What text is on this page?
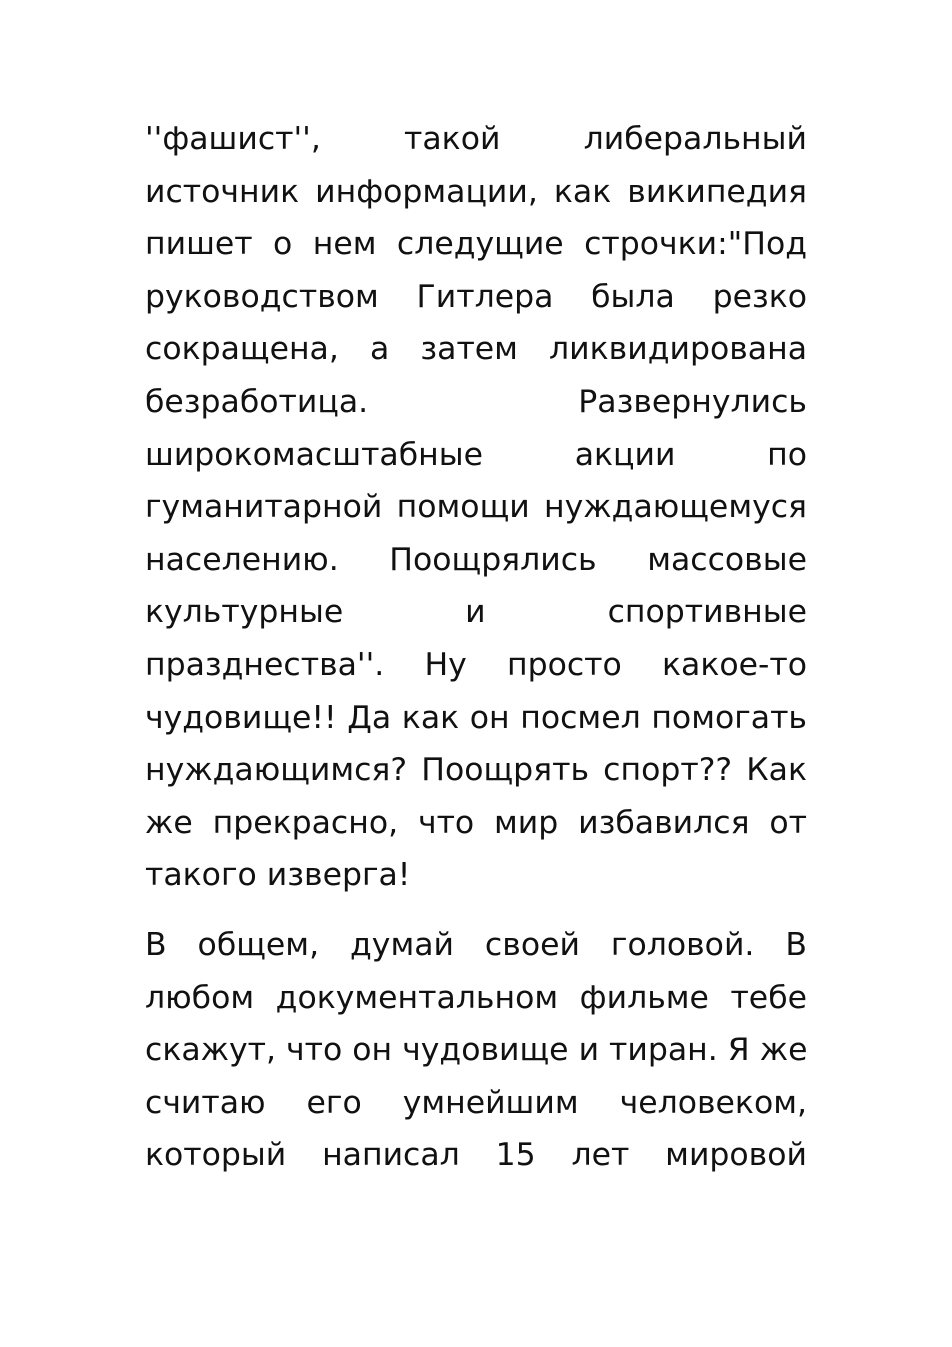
''фашист'', такой либеральный
источник информации, как википедия
пишет о нем следущие строчки:"Под
руководством Гитлера была резко
сокращена, а затем ликвидирована
безработица. Развернулись
широкомасштабные акции по
гуманитарной помощи нуждающемуся
населению. Поощрялись массовые
культурные и спортивные
празднества''. Ну просто какое-то
чудовище!! Да как он посмел помогать
нуждающимся? Поощрять спорт?? Как
же прекрасно, что мир избавился от
такого изверга!
В общем, думай своей головой. В
любом документальном фильме тебе
скажут, что он чудовище и тиран. Я же
считаю его умнейшим человеком,
который написал 15 лет мировой
